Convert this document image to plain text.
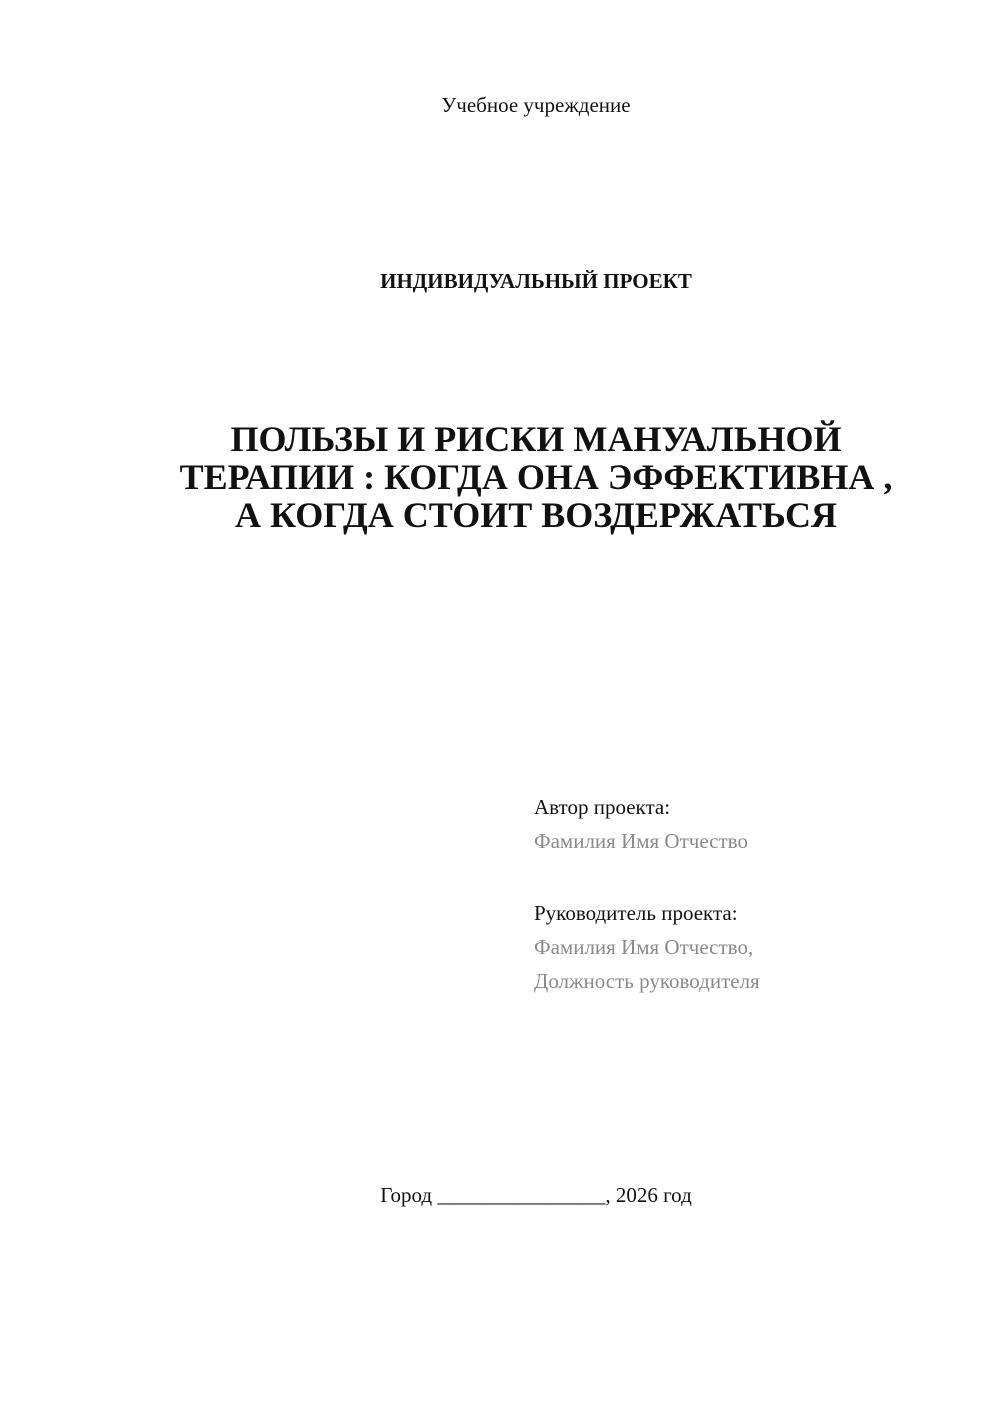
Учебное учреждение
ИНДИВИДУАЛЬНЫЙ ПРОЕКТ
ПОЛЬЗЫ И РИСКИ МАНУАЛЬНОЙ
ТЕРАПИИ : КОГДА ОНА ЭФФЕКТИВНА ,
А КОГДА СТОИТ ВОЗДЕРЖАТЬСЯ
Автор проекта:
Фамилия Имя Отчество
Руководитель проекта:
Фамилия Имя Отчество,
Должность руководителя
Город ________________, 2026 год
